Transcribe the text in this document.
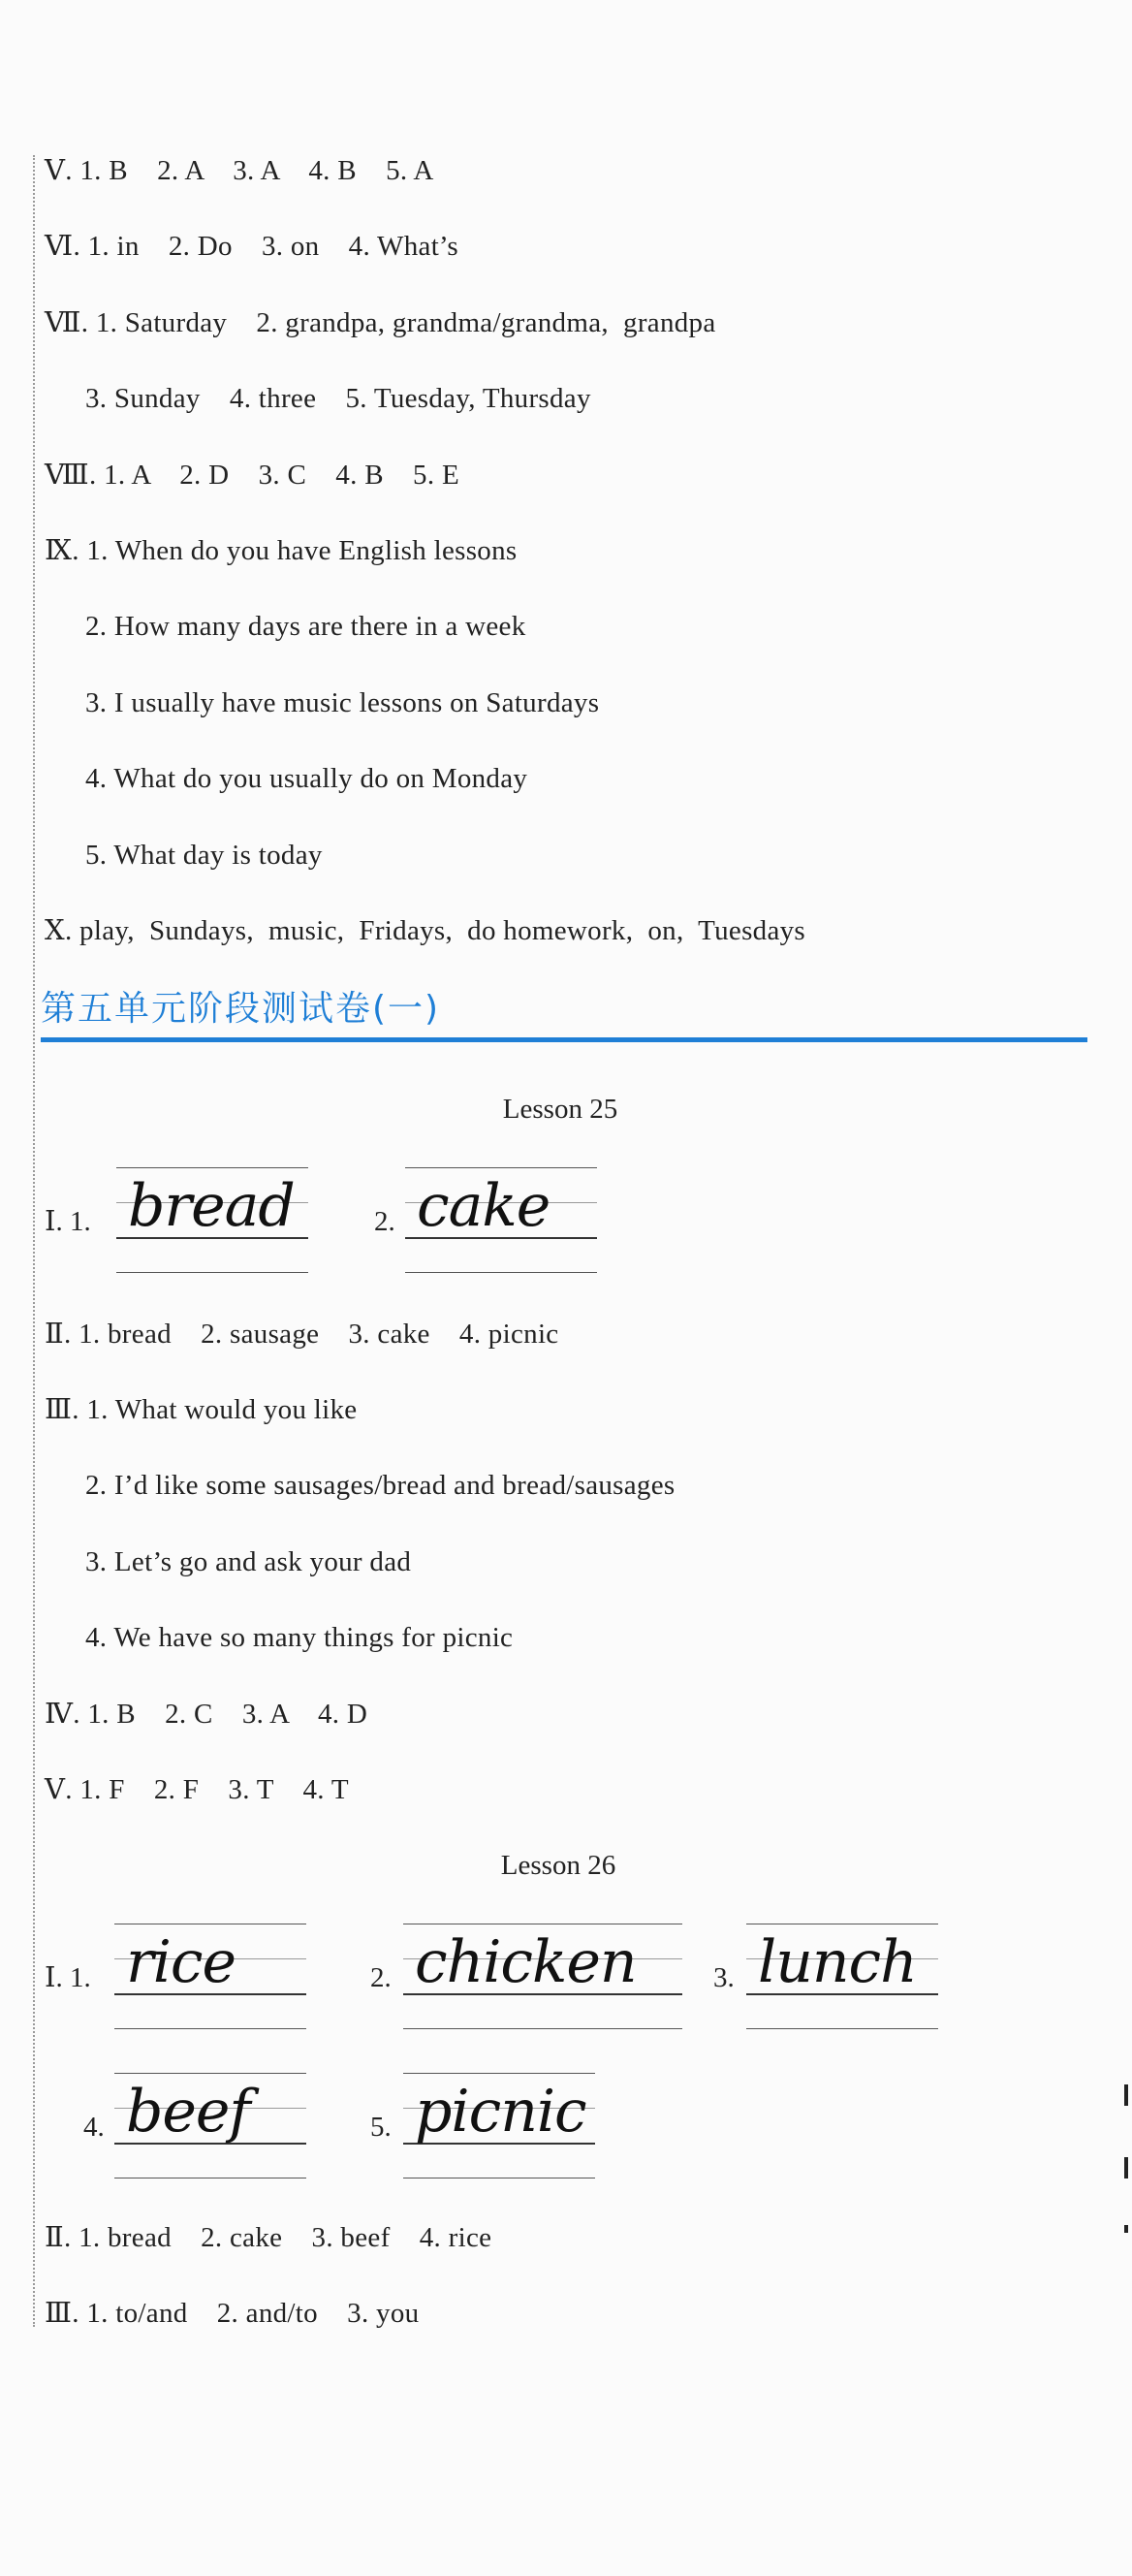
Ⅴ. 1. B    2. A    3. A    4. B    5. A
Ⅵ. 1. in    2. Do    3. on    4. What’s
Ⅶ. 1. Saturday    2. grandpa, grandma/grandma,  grandpa
3. Sunday    4. three    5. Tuesday, Thursday
Ⅷ. 1. A    2. D    3. C    4. B    5. E
Ⅸ. 1. When do you have English lessons
2. How many days are there in a week
3. I usually have music lessons on Saturdays
4. What do you usually do on Monday
5. What day is today
Ⅹ. play,  Sundays,  music,  Fridays,  do homework,  on,  Tuesdays
第五单元阶段测试卷(一)
Lesson 25
Ⅰ. 1. bread	2. cake
Ⅱ. 1. bread    2. sausage    3. cake    4. picnic
Ⅲ. 1. What would you like
2. I’d like some sausages/bread and bread/sausages
3. Let’s go and ask your dad
4. We have so many things for picnic
Ⅳ. 1. B    2. C    3. A    4. D
Ⅴ. 1. F    2. F    3. T    4. T
Lesson 26
Ⅰ. 1. rice	2. chicken	3. lunch
4. beef	5. picnic
Ⅱ. 1. bread    2. cake    3. beef    4. rice
Ⅲ. 1. to/and    2. and/to    3. you
